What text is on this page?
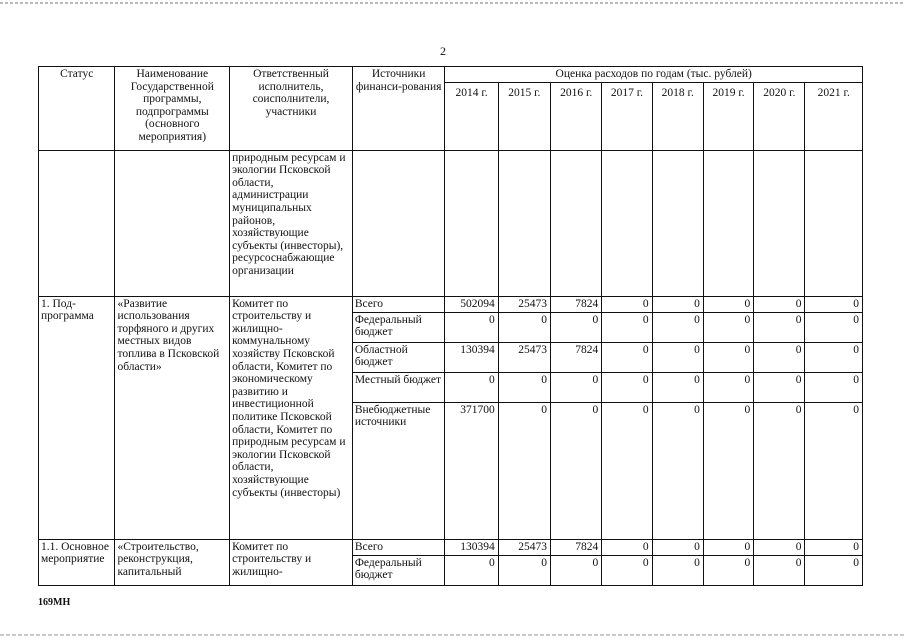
2
Статус	Наименование Государственной программы, подпрограммы (основного мероприятия)	Ответственный исполнитель, соисполнители, участники	Источники финанси-рования	Оценка расходов по годам (тыс. рублей)							
				2014 г.	2015 г.	2016 г.	2017 г.	2018 г.	2019 г.	2020 г.	2021 г.
		природным ресурсам и экологии Псковской области, администрации муниципальных районов, хозяйствующие субъекты (инвесторы), ресурсоснабжающие организации									
1. Под-программа	«Развитие использования торфяного и других местных видов топлива в Псковской области»	Комитет по строительству и жилищно-коммунальному хозяйству Псковской области, Комитет по экономическому развитию и инвестиционной политике Псковской области, Комитет по природным ресурсам и экологии Псковской области, хозяйствующие субъекты (инвесторы)	Всего	502094	25473	7824	0	0	0	0	0
			Федеральный бюджет	0	0	0	0	0	0	0	0
			Областной бюджет	130394	25473	7824	0	0	0	0	0
			Местный бюджет	0	0	0	0	0	0	0	0
			Внебюджетные источники	371700	0	0	0	0	0	0	0
1.1. Основное мероприятие	«Строительство, реконструкция, капитальный	Комитет по строительству и жилищно-	Всего	130394	25473	7824	0	0	0	0	0
			Федеральный бюджет	0	0	0	0	0	0	0	0
169МН
